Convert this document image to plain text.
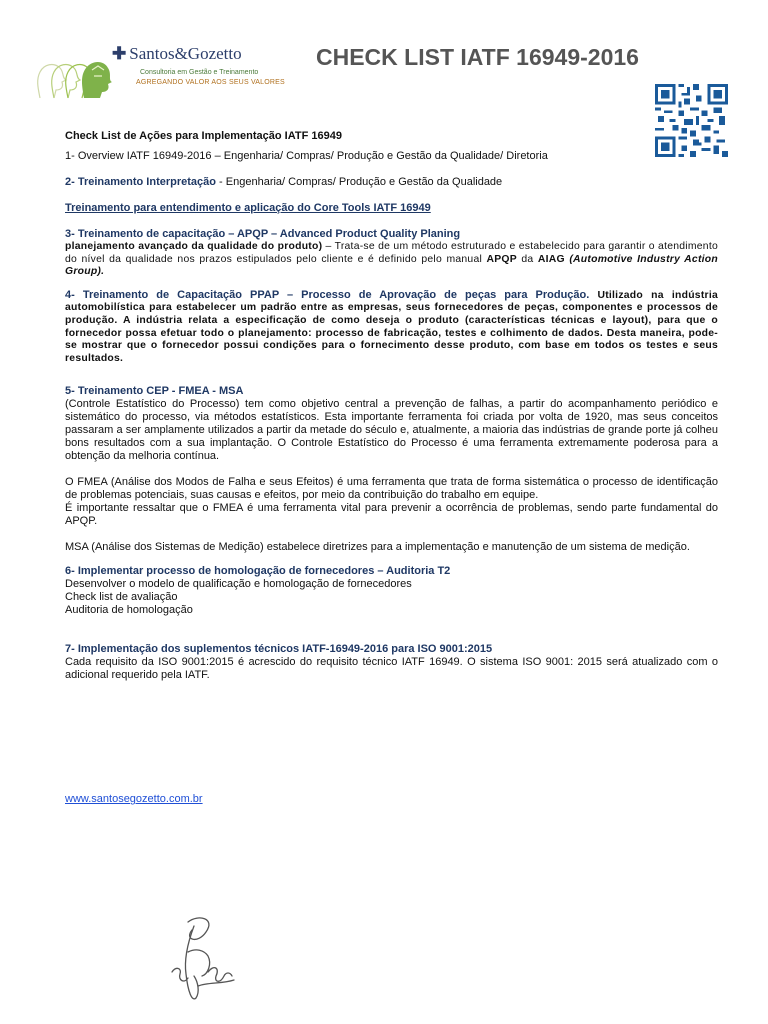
✚ Santos&Gozetto
Consultoria em Gestão e Treinamento
AGREGANDO VALOR AOS SEUS VALORES
CHECK LIST IATF 16949-2016

Check List de Ações para Implementação IATF 16949

1- Overview IATF 16949-2016 – Engenharia/ Compras/ Produção e Gestão da Qualidade/ Diretoria

2- Treinamento Interpretação - Engenharia/ Compras/ Produção e Gestão da Qualidade

Treinamento para entendimento e aplicação do Core Tools IATF 16949

3- Treinamento de capacitação – APQP – Advanced Product Quality Planing

planejamento avançado da qualidade do produto) – Trata-se de um método estruturado e estabelecido para garantir o atendimento do nível da qualidade nos prazos estipulados pelo cliente e é definido pelo manual APQP da AIAG (Automotive Industry Action Group).

4- Treinamento de Capacitação PPAP – Processo de Aprovação de peças para Produção. Utilizado na indústria automobilística para estabelecer um padrão entre as empresas, seus fornecedores de peças, componentes e processos de produção. A indústria relata a especificação de como deseja o produto (características técnicas e layout), para que o fornecedor possa efetuar todo o planejamento: processo de fabricação, testes e colhimento de dados. Desta maneira, pode-se mostrar que o fornecedor possui condições para o fornecimento desse produto, com base em todos os testes e seus resultados.

5- Treinamento CEP - FMEA - MSA

(Controle Estatístico do Processo) tem como objetivo central a prevenção de falhas, a partir do acompanhamento periódico e sistemático do processo, via métodos estatísticos. Esta importante ferramenta foi criada por volta de 1920, mas seus conceitos passaram a ser amplamente utilizados a partir da metade do século e, atualmente, a maioria das indústrias de grande porte já colheu bons resultados com a sua implantação. O Controle Estatístico do Processo é uma ferramenta extremamente poderosa para a obtenção da melhoria contínua.

O FMEA (Análise dos Modos de Falha e seus Efeitos) é uma ferramenta que trata de forma sistemática o processo de identificação de problemas potenciais, suas causas e efeitos, por meio da contribuição do trabalho em equipe.

É importante ressaltar que o FMEA é uma ferramenta vital para prevenir a ocorrência de problemas, sendo parte fundamental do APQP.

MSA (Análise dos Sistemas de Medição) estabelece diretrizes para a implementação e manutenção de um sistema de medição.

6- Implementar processo de homologação de fornecedores – Auditoria T2

Desenvolver o modelo de qualificação e homologação de fornecedores

Check list de avaliação

Auditoria de homologação

7- Implementação dos suplementos técnicos IATF-16949-2016 para ISO 9001:2015

Cada requisito da ISO 9001:2015 é acrescido do requisito técnico IATF 16949. O sistema ISO 9001: 2015 será atualizado com o adicional requerido pela IATF.

www.santosegozetto.com.br
